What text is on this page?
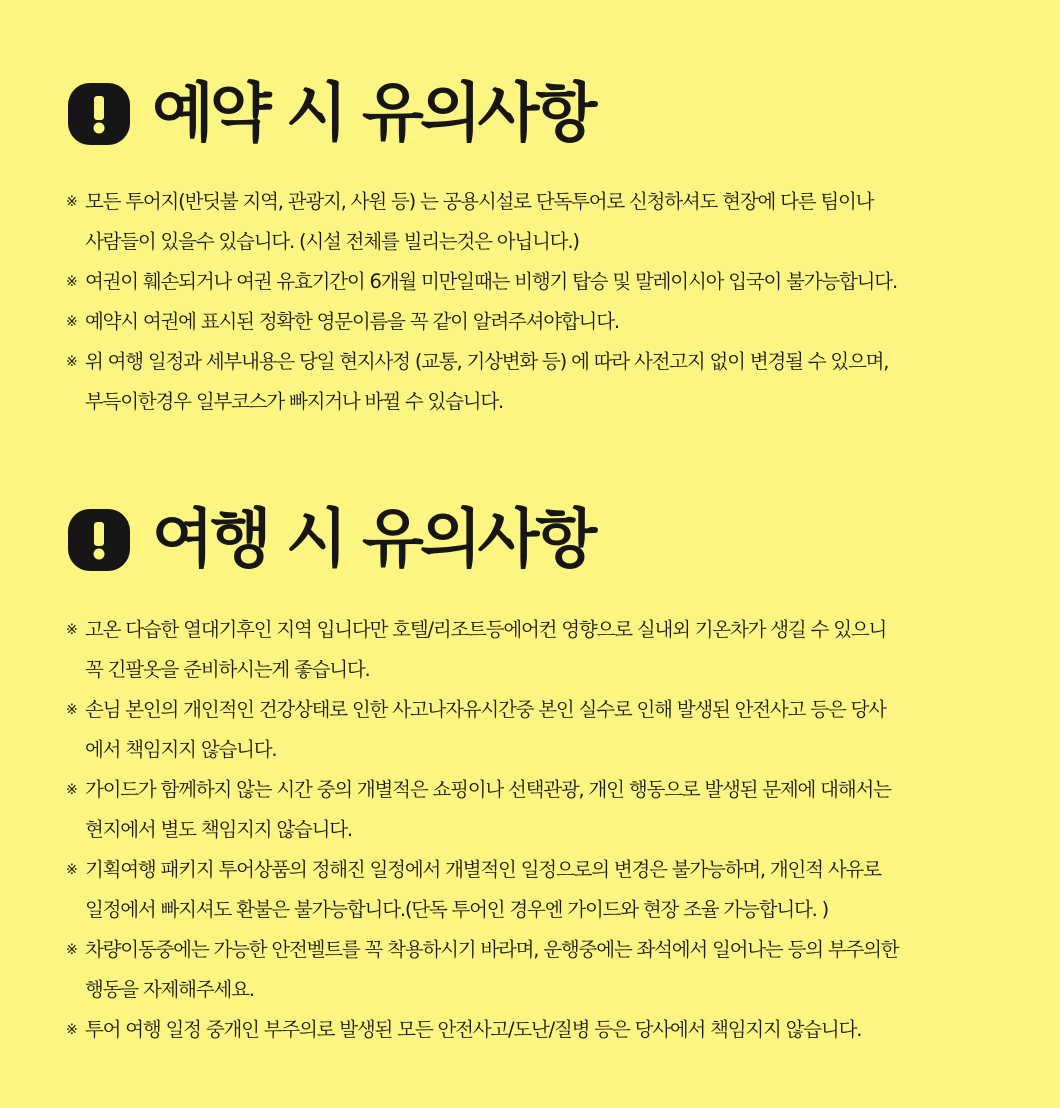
예약 시 유의사항
※ 모든 투어지(반딧불 지역, 관광지, 사원 등) 는 공용시설로 단독투어로 신청하셔도 현장에 다른 팀이나
사람들이 있을수 있습니다. (시설 전체를 빌리는것은 아닙니다.)
※ 여권이 훼손되거나 여권 유효기간이 6개월 미만일때는 비행기 탑승 및 말레이시아 입국이 불가능합니다.
※ 예약시 여권에 표시된 정확한 영문이름을 꼭 같이 알려주셔야합니다.
※ 위 여행 일정과 세부내용은 당일 현지사정 (교통, 기상변화 등) 에 따라 사전고지 없이 변경될 수 있으며,
부득이한경우 일부코스가 빠지거나 바뀔 수 있습니다.
여행 시 유의사항
※ 고온 다습한 열대기후인 지역 입니다만 호텔/리조트등에어컨 영향으로 실내외 기온차가 생길 수 있으니
꼭 긴팔옷을 준비하시는게 좋습니다.
※ 손님 본인의 개인적인 건강상태로 인한 사고나자유시간중 본인 실수로 인해 발생된 안전사고 등은 당사
에서 책임지지 않습니다.
※ 가이드가 함께하지 않는 시간 중의 개별적은 쇼핑이나 선택관광, 개인 행동으로 발생된 문제에 대해서는
현지에서 별도 책임지지 않습니다.
※ 기획여행 패키지 투어상품의 정해진 일정에서 개별적인 일정으로의 변경은 불가능하며, 개인적 사유로
일정에서 빠지셔도 환불은 불가능합니다.(단독 투어인 경우엔 가이드와 현장 조율 가능합니다. )
※ 차량이동중에는 가능한 안전벨트를 꼭 착용하시기 바라며, 운행중에는 좌석에서 일어나는 등의 부주의한
행동을 자제해주세요.
※ 투어 여행 일정 중개인 부주의로 발생된 모든 안전사고/도난/질병 등은 당사에서 책임지지 않습니다.
